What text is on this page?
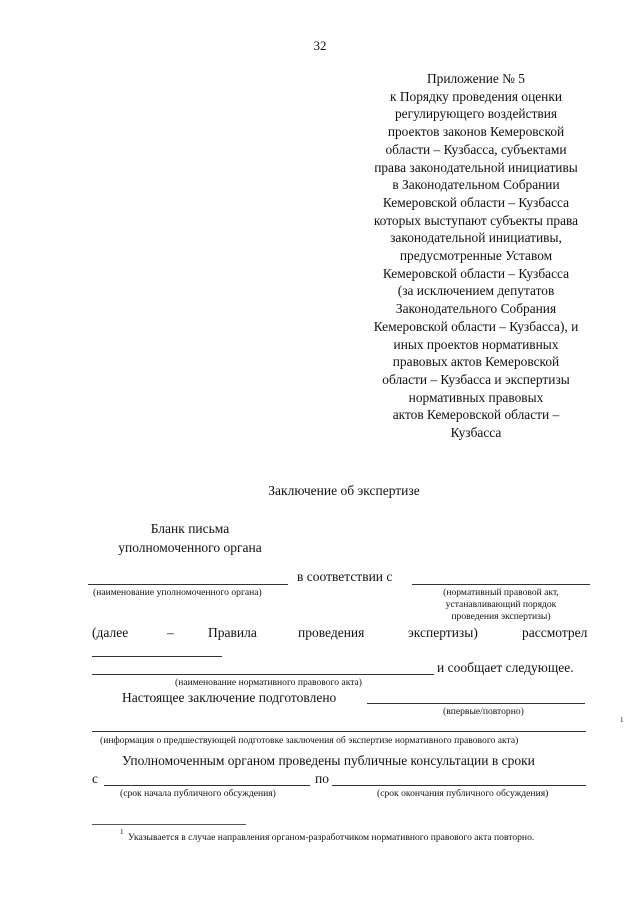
32
Приложение № 5
к Порядку проведения оценки
регулирующего воздействия
проектов законов Кемеровской
области – Кузбасса, субъектами
права законодательной инициативы
в Законодательном Собрании
Кемеровской области – Кузбасса
которых выступают субъекты права
законодательной инициативы,
предусмотренные Уставом
Кемеровской области – Кузбасса
(за исключением депутатов
Законодательного Собрания
Кемеровской области – Кузбасса), и
иных проектов нормативных
правовых актов Кемеровской
области – Кузбасса и экспертизы
нормативных правовых
актов Кемеровской области –
Кузбасса
Заключение об экспертизе
Бланк письма
уполномоченного органа
в соответствии с
(наименование уполномоченного органа)	(нормативный правовой акт,
устанавливающий порядок
проведения экспертизы)
(далее	–	Правила	проведения	экспертизы)	рассмотрел
и сообщает следующее.
(наименование нормативного правового акта)
Настоящее заключение подготовлено
(впервые/повторно)
1
(информация о предшествующей подготовке заключения об экспертизе нормативного правового акта)
Уполномоченным органом проведены публичные консультации в сроки
с	по
(срок начала публичного обсуждения)	(срок окончания публичного обсуждения)
1 Указывается в случае направления органом-разработчиком нормативного правового акта повторно.
